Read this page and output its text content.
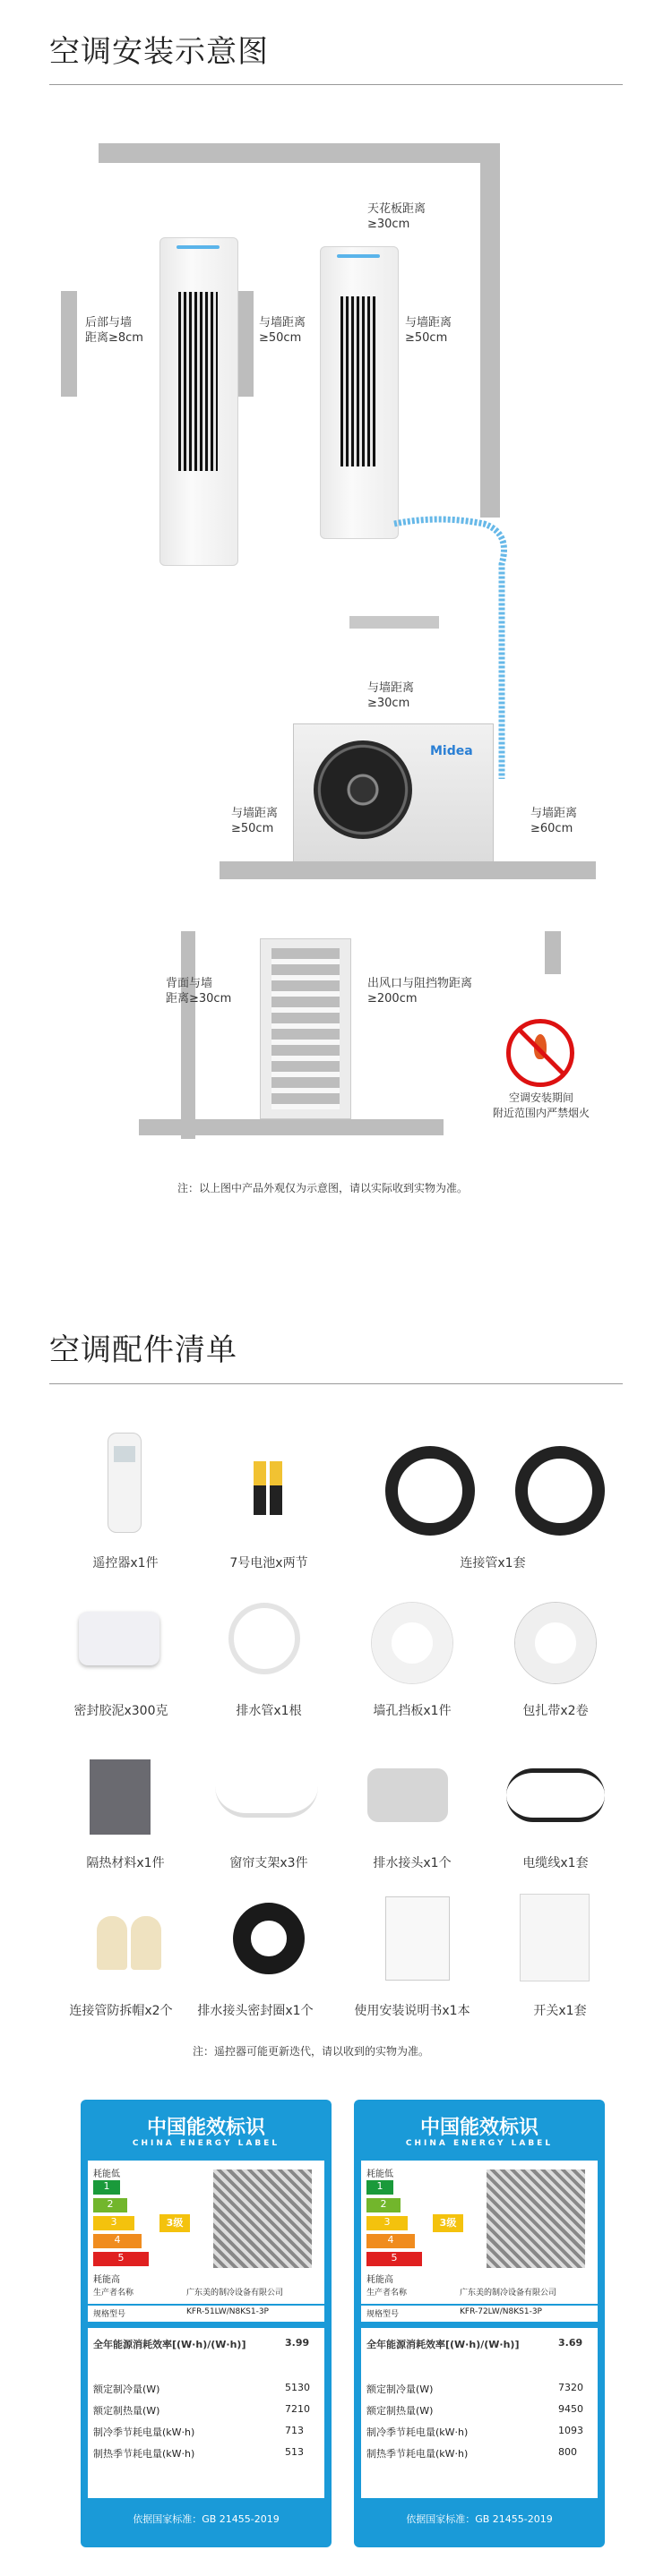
空调安装示意图
Midea
天花板距离
≥30cm
后部与墙
距离≥8cm
与墙距离
≥50cm
与墙距离
≥50cm
与墙距离
≥30cm
与墙距离
≥50cm
与墙距离
≥60cm
背面与墙
距离≥30cm
出风口与阻挡物距离
≥200cm
空调安装期间
附近范围内严禁烟火
注：以上图中产品外观仅为示意图，请以实际收到实物为准。
空调配件清单
遥控器x1件	7号电池x两节	连接管x1套
密封胶泥x300克	排水管x1根	墙孔挡板x1件	包扎带x2卷
隔热材料x1件	窗帘支架x3件	排水接头x1个	电缆线x1套
连接管防拆帽x2个	排水接头密封圈x1个	使用安装说明书x1本	开关x1套
注：遥控器可能更新迭代，请以收到的实物为准。
中国能效标识
CHINA ENERGY LABEL
耗能低
1
2
3
4
5
耗能高
3级
生产者名称	广东美的制冷设备有限公司
规格型号	KFR-51LW/N8KS1-3P
全年能源消耗效率[(W·h)/(W·h)]	3.99
额定制冷量(W)	5130
额定制热量(W)	7210
制冷季节耗电量(kW·h)	713
制热季节耗电量(kW·h)	513
依据国家标准：GB 21455-2019
中国能效标识
CHINA ENERGY LABEL
耗能低
1
2
3
4
5
耗能高
3级
生产者名称	广东美的制冷设备有限公司
规格型号	KFR-72LW/N8KS1-3P
全年能源消耗效率[(W·h)/(W·h)]	3.69
额定制冷量(W)	7320
额定制热量(W)	9450
制冷季节耗电量(kW·h)	1093
制热季节耗电量(kW·h)	800
依据国家标准：GB 21455-2019
